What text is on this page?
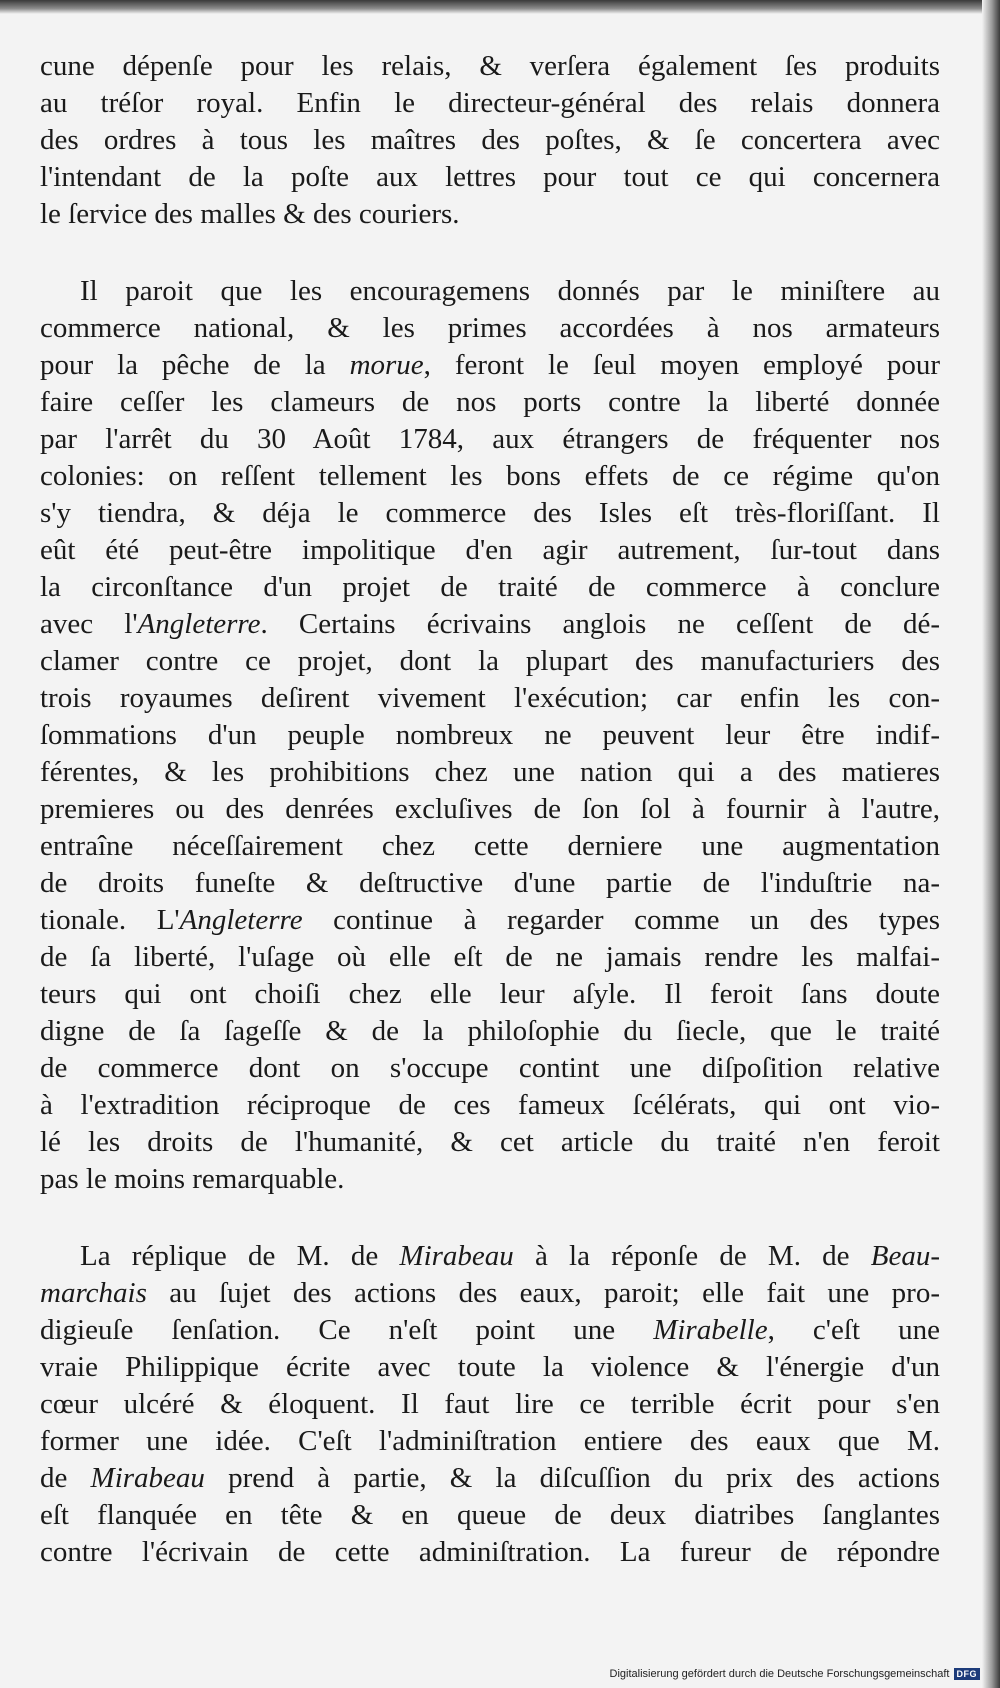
cune dépenſe pour les relais, & verſera également ſes produits
au tréſor royal. Enfin le directeur-général des relais donnera
des ordres à tous les maîtres des poſtes, & ſe concertera avec
l'intendant de la poſte aux lettres pour tout ce qui concernera
le ſervice des malles & des couriers.
Il paroit que les encouragemens donnés par le miniſtere au
commerce national, & les primes accordées à nos armateurs
pour la pêche de la morue, feront le ſeul moyen employé pour
faire ceſſer les clameurs de nos ports contre la liberté donnée
par l'arrêt du 30 Août 1784, aux étrangers de fréquenter nos
colonies: on reſſent tellement les bons effets de ce régime qu'on
s'y tiendra, & déja le commerce des Isles eſt très-floriſſant. Il
eût été peut-être impolitique d'en agir autrement, ſur-tout dans
la circonſtance d'un projet de traité de commerce à conclure
avec l'Angleterre. Certains écrivains anglois ne ceſſent de dé-
clamer contre ce projet, dont la plupart des manufacturiers des
trois royaumes deſirent vivement l'exécution; car enfin les con-
ſommations d'un peuple nombreux ne peuvent leur être indif-
férentes, & les prohibitions chez une nation qui a des matieres
premieres ou des denrées excluſives de ſon ſol à fournir à l'autre,
entraîne néceſſairement chez cette derniere une augmentation
de droits funeſte & deſtructive d'une partie de l'induſtrie na-
tionale. L'Angleterre continue à regarder comme un des types
de ſa liberté, l'uſage où elle eſt de ne jamais rendre les malfai-
teurs qui ont choiſi chez elle leur aſyle. Il feroit ſans doute
digne de ſa ſageſſe & de la philoſophie du ſiecle, que le traité
de commerce dont on s'occupe contint une diſpoſition relative
à l'extradition réciproque de ces fameux ſcélérats, qui ont vio-
lé les droits de l'humanité, & cet article du traité n'en feroit
pas le moins remarquable.
La réplique de M. de Mirabeau à la réponſe de M. de Beau-
marchais au ſujet des actions des eaux, paroit; elle fait une pro-
digieuſe ſenſation. Ce n'eſt point une Mirabelle, c'eſt une
vraie Philippique écrite avec toute la violence & l'énergie d'un
cœur ulcéré & éloquent. Il faut lire ce terrible écrit pour s'en
former une idée. C'eſt l'adminiſtration entiere des eaux que M.
de Mirabeau prend à partie, & la diſcuſſion du prix des actions
eſt flanquée en tête & en queue de deux diatribes ſanglantes
contre l'écrivain de cette adminiſtration. La fureur de répondre
Digitalisierung gefördert durch die Deutsche Forschungsgemeinschaft DFG
